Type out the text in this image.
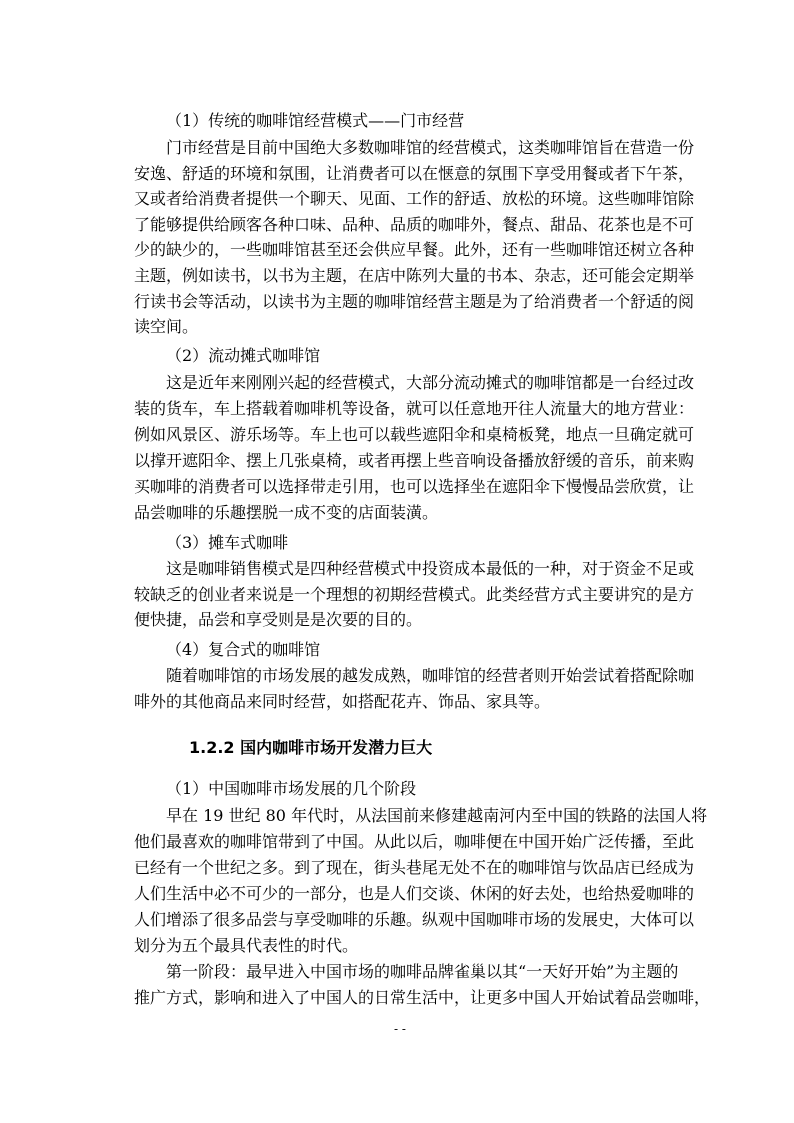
（1）传统的咖啡馆经营模式——门市经营
门市经营是目前中国绝大多数咖啡馆的经营模式，这类咖啡馆旨在营造一份
安逸、舒适的环境和氛围，让消费者可以在惬意的氛围下享受用餐或者下午茶，
又或者给消费者提供一个聊天、见面、工作的舒适、放松的环境。这些咖啡馆除
了能够提供给顾客各种口味、品种、品质的咖啡外，餐点、甜品、花茶也是不可
少的缺少的，一些咖啡馆甚至还会供应早餐。此外，还有一些咖啡馆还树立各种
主题，例如读书，以书为主题，在店中陈列大量的书本、杂志，还可能会定期举
行读书会等活动，以读书为主题的咖啡馆经营主题是为了给消费者一个舒适的阅
读空间。
（2）流动摊式咖啡馆
这是近年来刚刚兴起的经营模式，大部分流动摊式的咖啡馆都是一台经过改
装的货车，车上搭载着咖啡机等设备，就可以任意地开往人流量大的地方营业：
例如风景区、游乐场等。车上也可以载些遮阳伞和桌椅板凳，地点一旦确定就可
以撑开遮阳伞、摆上几张桌椅，或者再摆上些音响设备播放舒缓的音乐，前来购
买咖啡的消费者可以选择带走引用，也可以选择坐在遮阳伞下慢慢品尝欣赏，让
品尝咖啡的乐趣摆脱一成不变的店面装潢。
（3）摊车式咖啡
这是咖啡销售模式是四种经营模式中投资成本最低的一种，对于资金不足或
较缺乏的创业者来说是一个理想的初期经营模式。此类经营方式主要讲究的是方
便快捷，品尝和享受则是是次要的目的。
（4）复合式的咖啡馆
随着咖啡馆的市场发展的越发成熟，咖啡馆的经营者则开始尝试着搭配除咖
啡外的其他商品来同时经营，如搭配花卉、饰品、家具等。
1.2.2 国内咖啡市场开发潜力巨大
（1）中国咖啡市场发展的几个阶段
早在 19 世纪 80 年代时，从法国前来修建越南河内至中国的铁路的法国人将
他们最喜欢的咖啡馆带到了中国。从此以后，咖啡便在中国开始广泛传播，至此
已经有一个世纪之多。到了现在，街头巷尾无处不在的咖啡馆与饮品店已经成为
人们生活中必不可少的一部分，也是人们交谈、休闲的好去处，也给热爱咖啡的
人们增添了很多品尝与享受咖啡的乐趣。纵观中国咖啡市场的发展史，大体可以
划分为五个最具代表性的时代。
第一阶段：最早进入中国市场的咖啡品牌雀巢以其“一天好开始”为主题的
推广方式，影响和进入了中国人的日常生活中，让更多中国人开始试着品尝咖啡，
- -
